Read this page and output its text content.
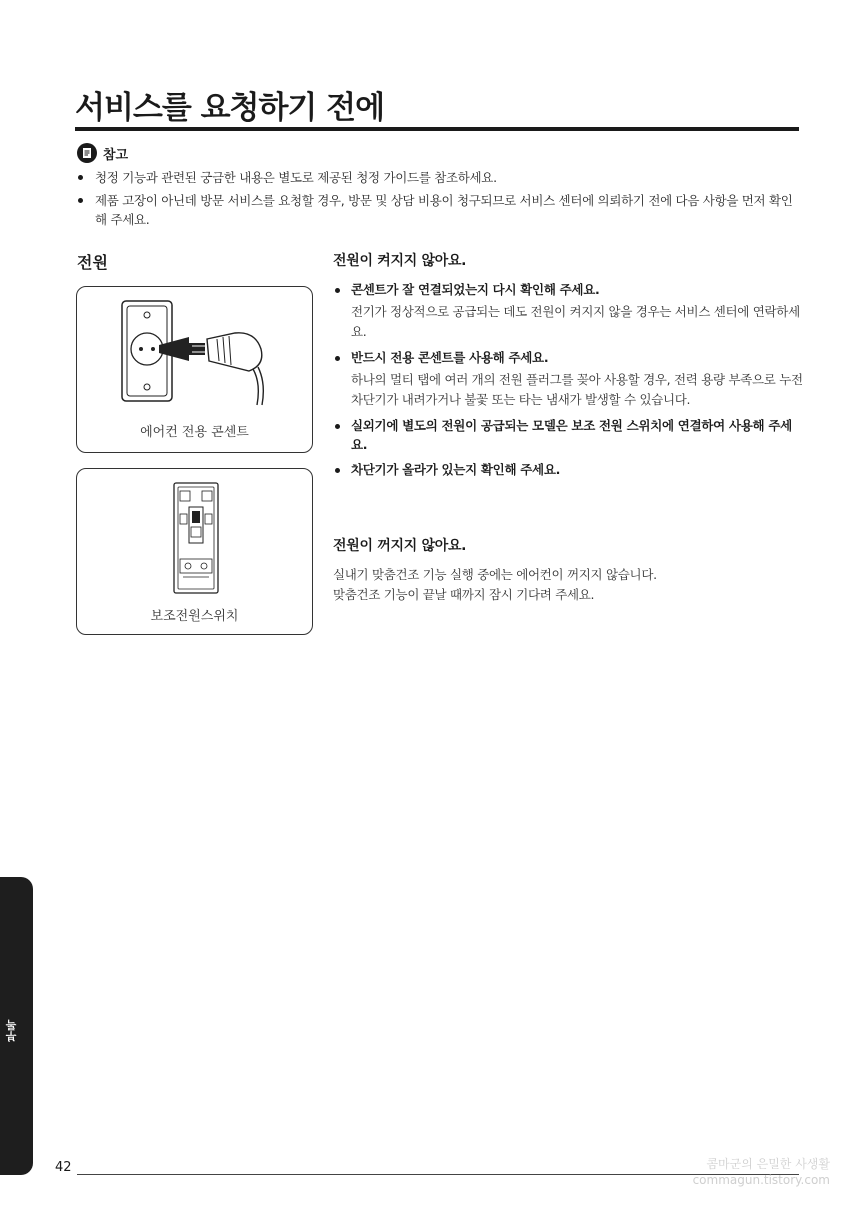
서비스를 요청하기 전에
참고
청정 기능과 관련된 궁금한 내용은 별도로 제공된 청정 가이드를 참조하세요.
제품 고장이 아닌데 방문 서비스를 요청할 경우, 방문 및 상담 비용이 청구되므로 서비스 센터에 의뢰하기 전에 다음 사항을 먼저 확인해 주세요.
전원
에어컨 전용 콘센트
보조전원스위치
전원이 켜지지 않아요.
콘센트가 잘 연결되었는지 다시 확인해 주세요.
전기가 정상적으로 공급되는 데도 전원이 켜지지 않을 경우는 서비스 센터에 연락하세요.
반드시 전용 콘센트를 사용해 주세요.
하나의 멀티 탭에 여러 개의 전원 플러그를 꽂아 사용할 경우, 전력 용량 부족으로 누전 차단기가 내려가거나 불꽃 또는 타는 냄새가 발생할 수 있습니다.
실외기에 별도의 전원이 공급되는 모델은 보조 전원 스위치에 연결하여 사용해 주세요.
차단기가 올라가 있는지 확인해 주세요.
전원이 꺼지지 않아요.
실내기 맞춤건조 기능 실행 중에는 에어컨이 꺼지지 않습니다.
맞춤건조 기능이 끝날 때까지 잠시 기다려 주세요.
부록
42	콤마군의 은밀한 사생활
commagun.tistory.com
